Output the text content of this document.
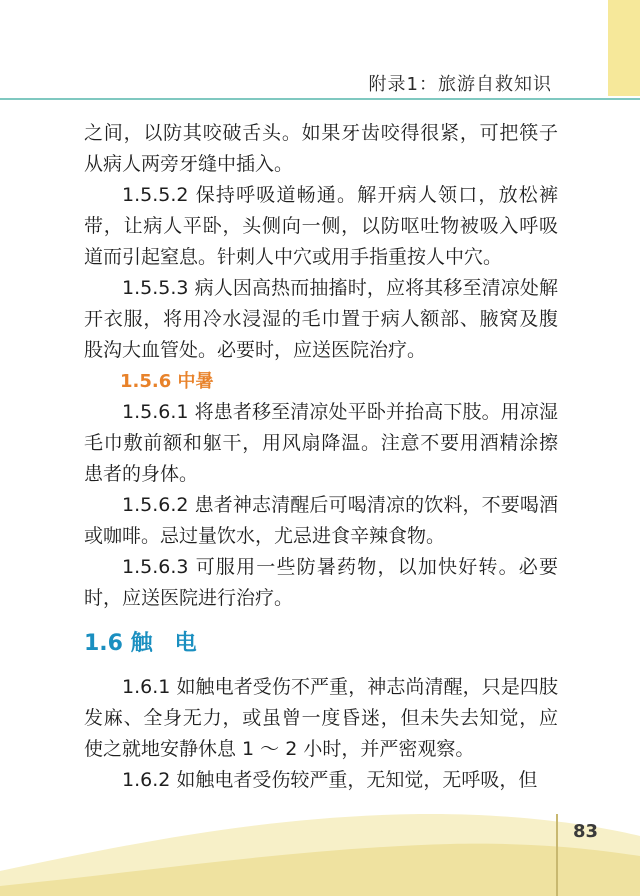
附录1：旅游自救知识

之间，以防其咬破舌头。如果牙齿咬得很紧，可把筷子从病人两旁牙缝中插入。

1.5.5.2 保持呼吸道畅通。解开病人领口，放松裤带，让病人平卧，头侧向一侧，以防呕吐物被吸入呼吸道而引起窒息。针刺人中穴或用手指重按人中穴。

1.5.5.3 病人因高热而抽搐时，应将其移至清凉处解开衣服，将用冷水浸湿的毛巾置于病人额部、腋窝及腹股沟大血管处。必要时，应送医院治疗。

1.5.6 中暑

1.5.6.1 将患者移至清凉处平卧并抬高下肢。用凉湿毛巾敷前额和躯干，用风扇降温。注意不要用酒精涂擦患者的身体。

1.5.6.2 患者神志清醒后可喝清凉的饮料，不要喝酒或咖啡。忌过量饮水，尤忌进食辛辣食物。

1.5.6.3 可服用一些防暑药物，以加快好转。必要时，应送医院进行治疗。

1.6 触　电

1.6.1 如触电者受伤不严重，神志尚清醒，只是四肢发麻、全身无力，或虽曾一度昏迷，但未失去知觉，应使之就地安静休息 1 ～ 2 小时，并严密观察。

1.6.2 如触电者受伤较严重，无知觉，无呼吸，但

83
